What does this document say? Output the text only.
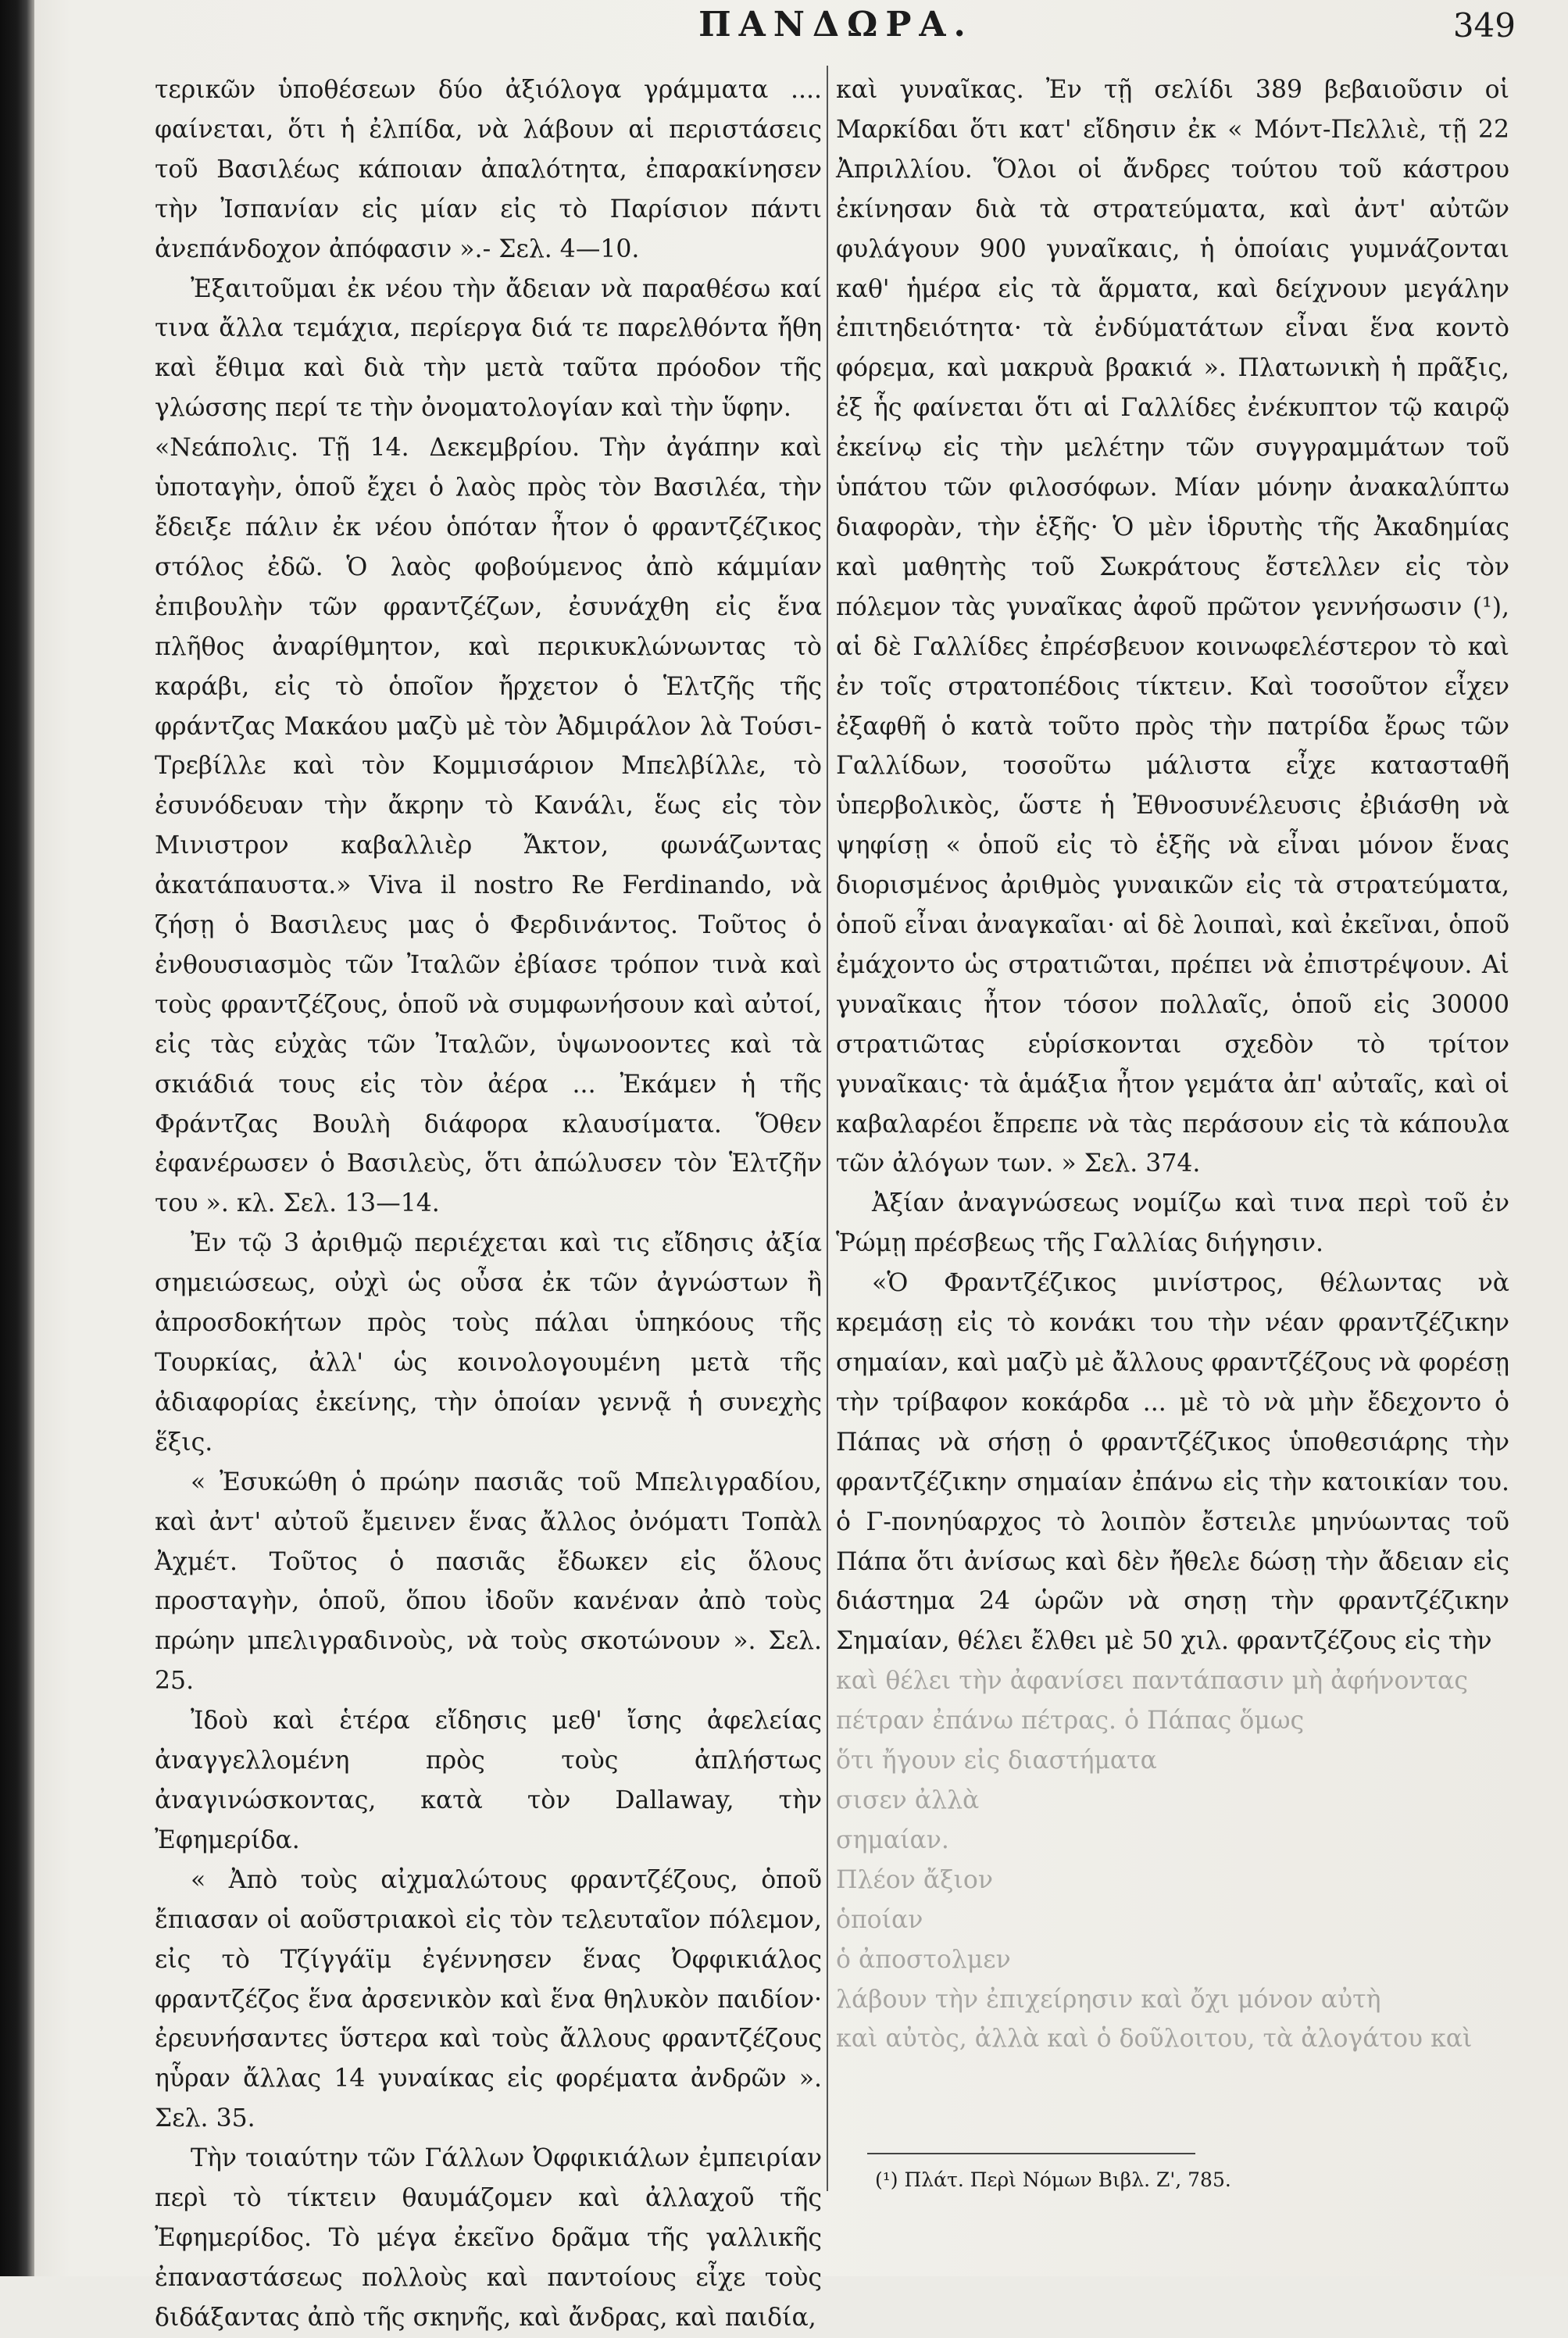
ΠΑΝΔΩΡΑ.	349

τερικῶν ὑποθέσεων δύο ἀξιόλογα γράμματα .... φαίνεται, ὅτι ἡ ἐλπίδα, νὰ λάβουν αἱ περιστάσεις τοῦ Βασιλέως κάποιαν ἀπαλότητα, ἐπαρακίνησεν τὴν Ἰσπανίαν εἰς μίαν εἰς τὸ Παρίσιον πάντι ἀνεπάνδοχον ἀπόφασιν ».- Σελ. 4—10.

Ἐξαιτοῦμαι ἐκ νέου τὴν ἄδειαν νὰ παραθέσω καί τινα ἄλλα τεμάχια, περίεργα διά τε παρελθόντα ἤθη καὶ ἔθιμα καὶ διὰ τὴν μετὰ ταῦτα πρόοδον τῆς γλώσσης περί τε τὴν ὀνοματολογίαν καὶ τὴν ὕφην.

«Νεάπολις. Τῇ 14. Δεκεμβρίου. Τὴν ἀγάπην καὶ ὑποταγὴν, ὁποῦ ἔχει ὁ λαὸς πρὸς τὸν Βασιλέα, τὴν ἔδειξε πάλιν ἐκ νέου ὁπόταν ἦτον ὁ φραντζέζικος στόλος ἐδῶ. Ὁ λαὸς φοβούμενος ἀπὸ κάμμίαν ἐπιβουλὴν τῶν φραντζέζων, ἐσυνάχθη εἰς ἕνα πλῆθος ἀναρίθμητον, καὶ περικυκλώνωντας τὸ καράβι, εἰς τὸ ὁποῖον ἤρχετον ὁ Ἑλτζῆς τῆς φράντζας Μακάου μαζὺ μὲ τὸν Ἀδμιράλον λὰ Τούσι-Τρεβίλλε καὶ τὸν Κομμισάριον Μπελβίλλε, τὸ ἐσυνόδευαν τὴν ἄκρην τὸ Κανάλι, ἕως εἰς τὸν Μινιστρον καβαλλιὲρ Ἄκτον, φωνάζωντας ἀκατάπαυστα.» Viva il nostro Re Ferdinando, νὰ ζήσῃ ὁ Βασιλευς μας ὁ Φερδινάντος. Τοῦτος ὁ ἐνθουσιασμὸς τῶν Ἰταλῶν ἐβίασε τρόπον τινὰ καὶ τοὺς φραντζέζους, ὁποῦ νὰ συμφωνήσουν καὶ αὐτοί, εἰς τὰς εὐχὰς τῶν Ἰταλῶν, ὑψωνοοντες καὶ τὰ σκιάδιά τους εἰς τὸν ἀέρα ... Ἐκάμεν ἡ τῆς Φράντζας Βουλὴ διάφορα κλαυσίματα. Ὅθεν ἐφανέρωσεν ὁ Βασιλεὺς, ὅτι ἀπώλυσεν τὸν Ἑλτζῆν του ». κλ. Σελ. 13—14.

Ἐν τῷ 3 ἀριθμῷ περιέχεται καὶ τις εἴδησις ἀξία σημειώσεως, οὐχὶ ὡς οὖσα ἐκ τῶν ἀγνώστων ἢ ἀπροσδοκήτων πρὸς τοὺς πάλαι ὑπηκόους τῆς Τουρκίας, ἀλλ' ὡς κοινολογουμένη μετὰ τῆς ἀδιαφορίας ἐκείνης, τὴν ὁποίαν γεννᾷ ἡ συνεχὴς ἕξις.

« Ἐσυκώθη ὁ πρώην πασιᾶς τοῦ Μπελιγραδίου, καὶ ἀντ' αὐτοῦ ἔμεινεν ἕνας ἄλλος ὀνόματι Τοπὰλ Ἀχμέτ. Τοῦτος ὁ πασιᾶς ἔδωκεν εἰς ὅλους προσταγὴν, ὁποῦ, ὅπου ἰδοῦν κανέναν ἀπὸ τοὺς πρώην μπελιγραδινοὺς, νὰ τοὺς σκοτώνουν ». Σελ. 25.

Ἰδοὺ καὶ ἑτέρα εἴδησις μεθ' ἴσης ἀφελείας ἀναγγελλομένη πρὸς τοὺς ἀπλήστως ἀναγινώσκοντας, κατὰ τὸν Dallaway, τὴν Ἐφημερίδα.

« Ἀπὸ τοὺς αἰχμαλώτους φραντζέζους, ὁποῦ ἔπιασαν οἱ αοῦστριακοὶ εἰς τὸν τελευταῖον πόλεμον, εἰς τὸ Τζίγγάϊμ ἐγέννησεν ἕνας Ὀφφικιάλος φραντζέζος ἕνα ἀρσενικὸν καὶ ἕνα θηλυκὸν παιδίον· ἐρευνήσαντες ὕστερα καὶ τοὺς ἄλλους φραντζέζους ηὗραν ἄλλας 14 γυναίκας εἰς φορέματα ἀνδρῶν ». Σελ. 35.

Τὴν τοιαύτην τῶν Γάλλων Ὀφφικιάλων ἐμπειρίαν περὶ τὸ τίκτειν θαυμάζομεν καὶ ἀλλαχοῦ τῆς Ἐφημερίδος. Τὸ μέγα ἐκεῖνο δρᾶμα τῆς γαλλικῆς ἐπαναστάσεως πολλοὺς καὶ παντοίους εἶχε τοὺς διδάξαντας ἀπὸ τῆς σκηνῆς, καὶ ἄνδρας, καὶ παιδία,

καὶ γυναῖκας. Ἐν τῇ σελίδι 389 βεβαιοῦσιν οἱ Μαρκίδαι ὅτι κατ' εἴδησιν ἐκ « Μόντ-Πελλιὲ, τῇ 22 Ἀπριλλίου. Ὅλοι οἱ ἄνδρες τούτου τοῦ κάστρου ἐκίνησαν διὰ τὰ στρατεύματα, καὶ ἀντ' αὐτῶν φυλάγουν 900 γυναῖκαις, ἡ ὁποίαις γυμνάζονται καθ' ἡμέρα εἰς τὰ ἅρματα, καὶ δείχνουν μεγάλην ἐπιτηδειότητα· τὰ ἐνδύματάτων εἶναι ἕνα κοντὸ φόρεμα, καὶ μακρυὰ βρακιά ». Πλατωνικὴ ἡ πρᾶξις, ἐξ ἧς φαίνεται ὅτι αἱ Γαλλίδες ἐνέκυπτον τῷ καιρῷ ἐκείνῳ εἰς τὴν μελέτην τῶν συγγραμμάτων τοῦ ὑπάτου τῶν φιλοσόφων. Μίαν μόνην ἀνακαλύπτω διαφορὰν, τὴν ἑξῆς· Ὁ μὲν ἱδρυτὴς τῆς Ἀκαδημίας καὶ μαθητὴς τοῦ Σωκράτους ἔστελλεν εἰς τὸν πόλεμον τὰς γυναῖκας ἀφοῦ πρῶτον γεννήσωσιν (¹), αἱ δὲ Γαλλίδες ἐπρέσβευον κοινωφελέστερον τὸ καὶ ἐν τοῖς στρατοπέδοις τίκτειν. Καὶ τοσοῦτον εἶχεν ἐξαφθῆ ὁ κατὰ τοῦτο πρὸς τὴν πατρίδα ἔρως τῶν Γαλλίδων, τοσοῦτω μάλιστα εἶχε κατασταθῆ ὑπερβολικὸς, ὥστε ἡ Ἐθνοσυνέλευσις ἐβιάσθη νὰ ψηφίσῃ « ὁποῦ εἰς τὸ ἑξῆς νὰ εἶναι μόνον ἕνας διορισμένος ἀριθμὸς γυναικῶν εἰς τὰ στρατεύματα, ὁποῦ εἶναι ἀναγκαῖαι· αἱ δὲ λοιπαὶ, καὶ ἐκεῖναι, ὁποῦ ἐμάχοντο ὡς στρατιῶται, πρέπει νὰ ἐπιστρέψουν. Αἱ γυναῖκαις ἦτον τόσον πολλαῖς, ὁποῦ εἰς 30000 στρατιῶτας εὑρίσκονται σχεδὸν τὸ τρίτον γυναῖκαις· τὰ ἁμάξια ἦτον γεμάτα ἀπ' αὐταῖς, καὶ οἱ καβαλαρέοι ἔπρεπε νὰ τὰς περάσουν εἰς τὰ κάπουλα τῶν ἀλόγων των. » Σελ. 374.

Ἀξίαν ἀναγνώσεως νομίζω καὶ τινα περὶ τοῦ ἐν Ῥώμῃ πρέσβεως τῆς Γαλλίας διήγησιν.

«Ὁ Φραντζέζικος μινίστρος, θέλωντας νὰ κρεμάσῃ εἰς τὸ κονάκι του τὴν νέαν φραντζέζικην σημαίαν, καὶ μαζὺ μὲ ἄλλους φραντζέζους νὰ φορέσῃ τὴν τρίβαφον κοκάρδα ... μὲ τὸ νὰ μὴν ἔδεχοντο ὁ Πάπας νὰ σήσῃ ὁ φραντζέζικος ὑποθεσιάρης τὴν φραντζέζικην σημαίαν ἐπάνω εἰς τὴν κατοικίαν του. ὁ Γ-πονηύαρχος τὸ λοιπὸν ἔστειλε μηνύωντας τοῦ Πάπα ὅτι ἀνίσως καὶ δὲν ἤθελε δώσῃ τὴν ἄδειαν εἰς διάστημα 24 ὡρῶν νὰ σησῃ τὴν φραντζέζικην Σημαίαν, θέλει ἔλθει μὲ 50 χιλ. φραντζέζους εἰς τὴν

καὶ θέλει τὴν ἀφανίσει παντάπασιν μὴ ἀφήνοντας

πέτραν ἐπάνω πέτρας. ὁ Πάπας ὅμως

ὅτι ἤγουν εἰς διαστήματα

σισεν ἀλλὰ

σημαίαν.

Πλέον ἄξιον

ὁποίαν

ὁ ἀποστολμεν

λάβουν τὴν ἐπιχείρησιν καὶ ὄχι μόνον αὐτὴ

καὶ αὐτὸς, ἀλλὰ καὶ ὁ δοῦλοιτου, τὰ ἀλογάτου καὶ

(¹) Πλάτ. Περὶ Νόμων Βιβλ. Ζ', 785.
